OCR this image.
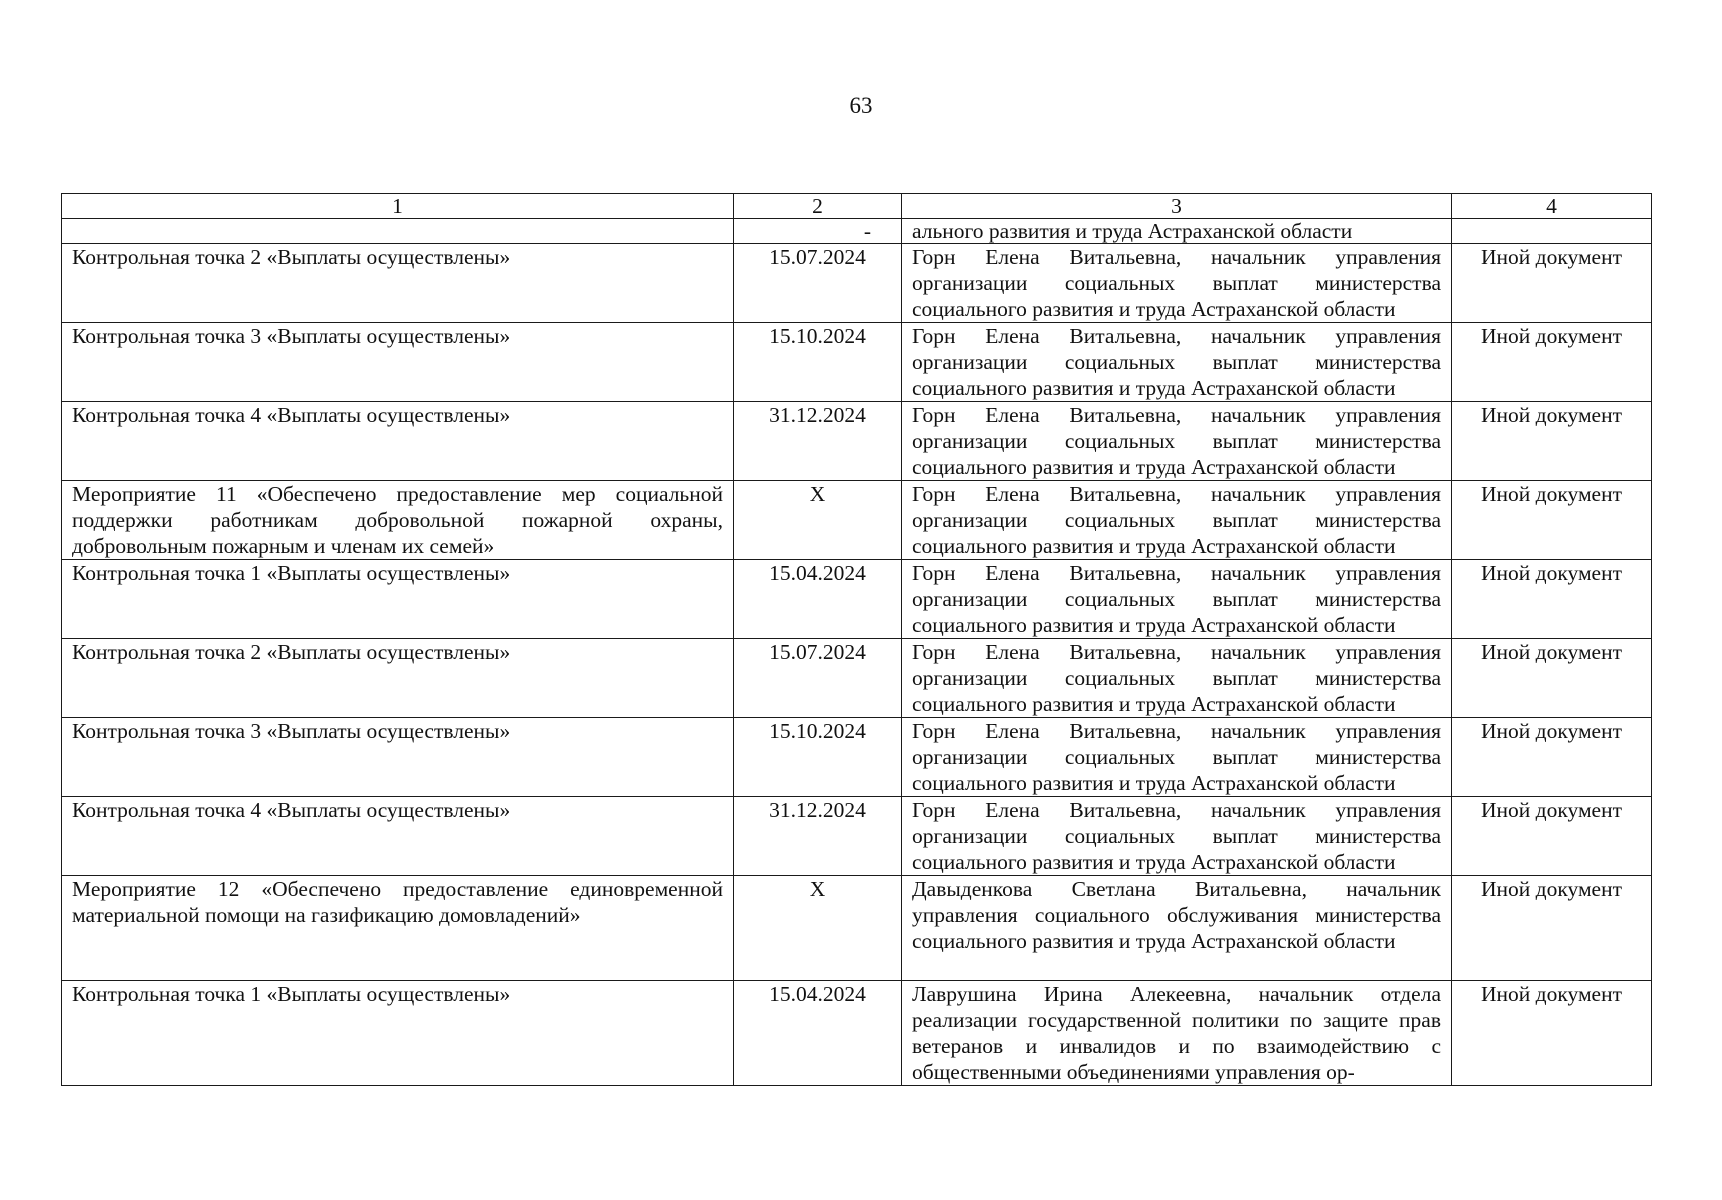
63
1	2	3	4
	-	ального развития и труда Астраханской области	
Контрольная точка 2 «Выплаты осуществлены»	15.07.2024	Горн Елена Витальевна, начальник управления организации социальных выплат министерства социального развития и труда Астраханской области	Иной документ
Контрольная точка 3 «Выплаты осуществлены»	15.10.2024	Горн Елена Витальевна, начальник управления организации социальных выплат министерства социального развития и труда Астраханской области	Иной документ
Контрольная точка 4 «Выплаты осуществлены»	31.12.2024	Горн Елена Витальевна, начальник управления организации социальных выплат министерства социального развития и труда Астраханской области	Иной документ
Мероприятие 11 «Обеспечено предоставление мер социальной поддержки работникам добровольной пожарной охраны, добровольным пожарным и членам их семей»	X	Горн Елена Витальевна, начальник управления организации социальных выплат министерства социального развития и труда Астраханской области	Иной документ
Контрольная точка 1 «Выплаты осуществлены»	15.04.2024	Горн Елена Витальевна, начальник управления организации социальных выплат министерства социального развития и труда Астраханской области	Иной документ
Контрольная точка 2 «Выплаты осуществлены»	15.07.2024	Горн Елена Витальевна, начальник управления организации социальных выплат министерства социального развития и труда Астраханской области	Иной документ
Контрольная точка 3 «Выплаты осуществлены»	15.10.2024	Горн Елена Витальевна, начальник управления организации социальных выплат министерства социального развития и труда Астраханской области	Иной документ
Контрольная точка 4 «Выплаты осуществлены»	31.12.2024	Горн Елена Витальевна, начальник управления организации социальных выплат министерства социального развития и труда Астраханской области	Иной документ
Мероприятие 12 «Обеспечено предоставление единовременной материальной помощи на газификацию домовладений»	X	Давыденкова Светлана Витальевна, начальник управления социального обслуживания министерства социального развития и труда Астраханской области	Иной документ
Контрольная точка 1 «Выплаты осуществлены»	15.04.2024	Лаврушина Ирина Алекеевна, начальник отдела реализации государственной политики по защите прав ветеранов и инвалидов и по взаимодействию с общественными объединениями управления ор-	Иной документ
